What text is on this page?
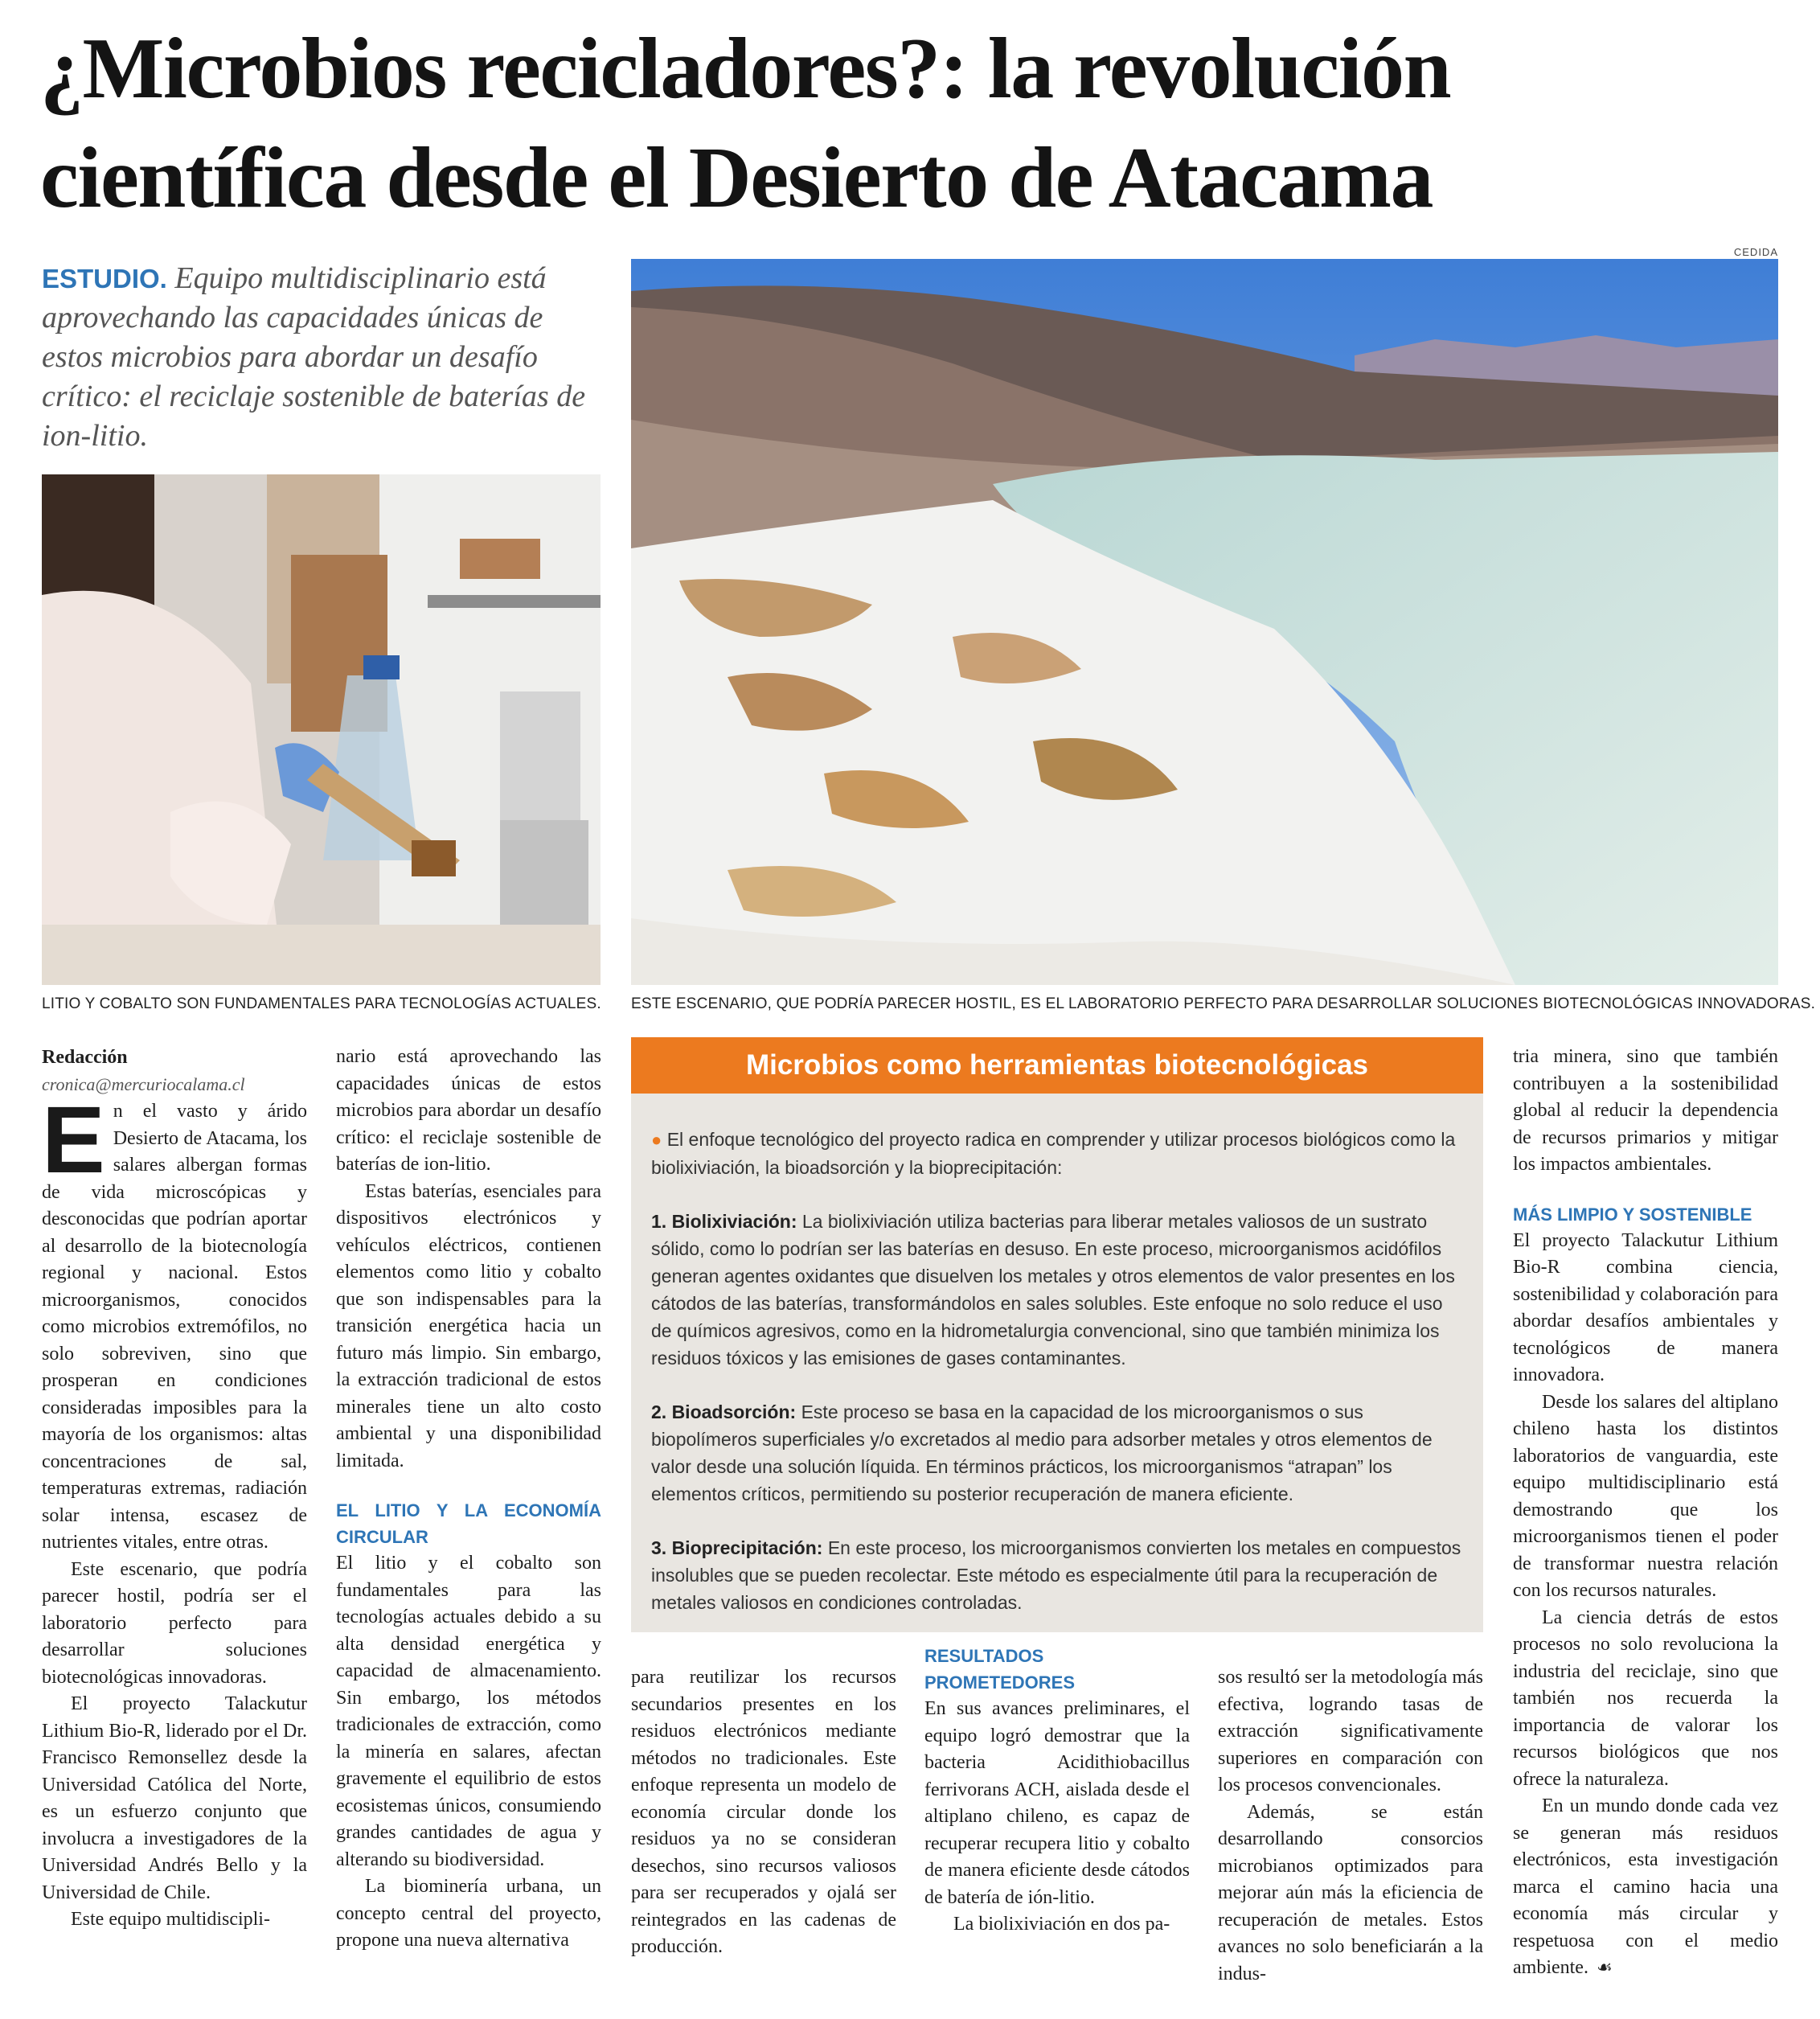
¿Microbios recicladores?: la revolución
científica desde el Desierto de Atacama
CEDIDA
ESTUDIO. Equipo multidisciplinario está aprovechando las capacidades únicas de estos microbios para abordar un desafío crítico: el reciclaje sostenible de baterías de ion-litio.
LITIO Y COBALTO SON FUNDAMENTALES PARA TECNOLOGÍAS ACTUALES. ESTE ESCENARIO, QUE PODRÍA PARECER HOSTIL, ES EL LABORATORIO PERFECTO PARA DESARROLLAR SOLUCIONES BIOTECNOLÓGICAS INNOVADORAS.

Redacción

cronica@mercuriocalama.cl

En el vasto y árido Desierto de Atacama, los salares albergan formas de vida microscópicas y desconocidas que podrían aportar al desarrollo de la biotecnología regional y nacional. Estos microorganismos, conocidos como microbios extremófilos, no solo sobreviven, sino que prosperan en condiciones consideradas imposibles para la mayoría de los organismos: altas concentraciones de sal, temperaturas extremas, radiación solar intensa, escasez de nutrientes vitales, entre otras.

Este escenario, que podría parecer hostil, podría ser el laboratorio perfecto para desarrollar soluciones biotecnológicas innovadoras.

El proyecto Talackutur Lithium Bio-R, liderado por el Dr. Francisco Remonsellez desde la Universidad Católica del Norte, es un esfuerzo conjunto que involucra a investigadores de la Universidad Andrés Bello y la Universidad de Chile.

Este equipo multidiscipli-

nario está aprovechando las capacidades únicas de estos microbios para abordar un desafío crítico: el reciclaje sostenible de baterías de ion-litio.

Estas baterías, esenciales para dispositivos electrónicos y vehículos eléctricos, contienen elementos como litio y cobalto que son indispensables para la transición energética hacia un futuro más limpio. Sin embargo, la extracción tradicional de estos minerales tiene un alto costo ambiental y una disponibilidad limitada.

EL LITIO Y LA ECONOMÍA CIRCULAR

El litio y el cobalto son fundamentales para las tecnologías actuales debido a su alta densidad energética y capacidad de almacenamiento. Sin embargo, los métodos tradicionales de extracción, como la minería en salares, afectan gravemente el equilibrio de estos ecosistemas únicos, consumiendo grandes cantidades de agua y alterando su biodiversidad.

La biominería urbana, un concepto central del proyecto, propone una nueva alternativa

Microbios como herramientas biotecnológicas

● El enfoque tecnológico del proyecto radica en comprender y utilizar procesos biológicos como la biolixiviación, la bioadsorción y la bioprecipitación:

1. Biolixiviación: La biolixiviación utiliza bacterias para liberar metales valiosos de un sustrato sólido, como lo podrían ser las baterías en desuso. En este proceso, microorganismos acidófilos generan agentes oxidantes que disuelven los metales y otros elementos de valor presentes en los cátodos de las baterías, transformándolos en sales solubles. Este enfoque no solo reduce el uso de químicos agresivos, como en la hidrometalurgia convencional, sino que también minimiza los residuos tóxicos y las emisiones de gases contaminantes.

2. Bioadsorción: Este proceso se basa en la capacidad de los microorganismos o sus biopolímeros superficiales y/o excretados al medio para adsorber metales y otros elementos de valor desde una solución líquida. En términos prácticos, los microorganismos “atrapan” los elementos críticos, permitiendo su posterior recuperación de manera eficiente.

3. Bioprecipitación: En este proceso, los microorganismos convierten los metales en compuestos insolubles que se pueden recolectar. Este método es especialmente útil para la recuperación de metales valiosos en condiciones controladas.

para reutilizar los recursos secundarios presentes en los residuos electrónicos mediante métodos no tradicionales. Este enfoque representa un modelo de economía circular donde los residuos ya no se consideran desechos, sino recursos valiosos para ser recuperados y ojalá ser reintegrados en las cadenas de producción.

RESULTADOS PROMETEDORES

En sus avances preliminares, el equipo logró demostrar que la bacteria Acidithiobacillus ferrivorans ACH, aislada desde el altiplano chileno, es capaz de recuperar recupera litio y cobalto de manera eficiente desde cátodos de batería de ión-litio.

La biolixiviación en dos pa-

sos resultó ser la metodología más efectiva, logrando tasas de extracción significativamente superiores en comparación con los procesos convencionales.

Además, se están desarrollando consorcios microbianos optimizados para mejorar aún más la eficiencia de recuperación de metales. Estos avances no solo beneficiarán a la indus-

tria minera, sino que también contribuyen a la sostenibilidad global al reducir la dependencia de recursos primarios y mitigar los impactos ambientales.

MÁS LIMPIO Y SOSTENIBLE

El proyecto Talackutur Lithium Bio-R combina ciencia, sostenibilidad y colaboración para abordar desafíos ambientales y tecnológicos de manera innovadora.

Desde los salares del altiplano chileno hasta los distintos laboratorios de vanguardia, este equipo multidisciplinario está demostrando que los microorganismos tienen el poder de transformar nuestra relación con los recursos naturales.

La ciencia detrás de estos procesos no solo revoluciona la industria del reciclaje, sino que también nos recuerda la importancia de valorar los recursos biológicos que nos ofrece la naturaleza.

En un mundo donde cada vez se generan más residuos electrónicos, esta investigación marca el camino hacia una economía más circular y respetuosa con el medio ambiente. ☙
